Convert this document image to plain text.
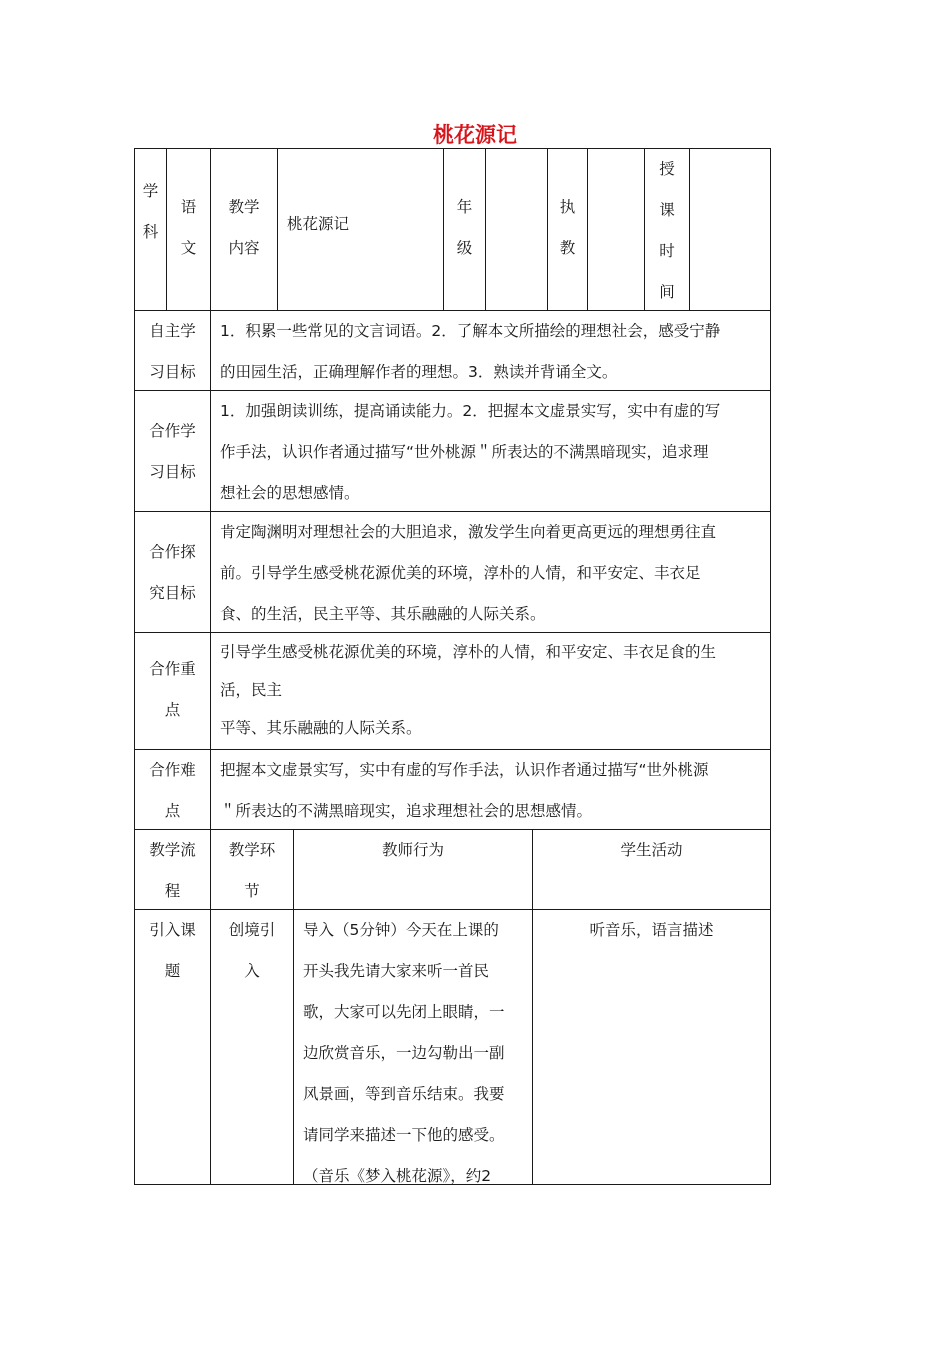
桃花源记
学
科
语
文
教学
内容
桃花源记
年
级
执
教
授
课
时
间
自主学
习目标
1．积累一些常见的文言词语。2．了解本文所描绘的理想社会，感受宁静
的田园生活，正确理解作者的理想。3．熟读并背诵全文。
合作学
习目标
1．加强朗读训练，提高诵读能力。2．把握本文虚景实写，实中有虚的写
作手法，认识作者通过描写“世外桃源＂所表达的不满黑暗现实，追求理
想社会的思想感情。
合作探
究目标
肯定陶渊明对理想社会的大胆追求，激发学生向着更高更远的理想勇往直
前。引导学生感受桃花源优美的环境，淳朴的人情，和平安定、丰衣足
食、的生活，民主平等、其乐融融的人际关系。
合作重
点
引导学生感受桃花源优美的环境，淳朴的人情，和平安定、丰衣足食的生
活，民主
平等、其乐融融的人际关系。
合作难
点
把握本文虚景实写，实中有虚的写作手法，认识作者通过描写“世外桃源
＂所表达的不满黑暗现实，追求理想社会的思想感情。
教学流
程
教学环
节
教师行为	学生活动
引入课
题
创境引
入
导入（5分钟）今天在上课的
开头我先请大家来听一首民
歌，大家可以先闭上眼睛，一
边欣赏音乐，一边勾勒出一副
风景画，等到音乐结束。我要
请同学来描述一下他的感受。
（音乐《梦入桃花源》，约2
听音乐，语言描述
